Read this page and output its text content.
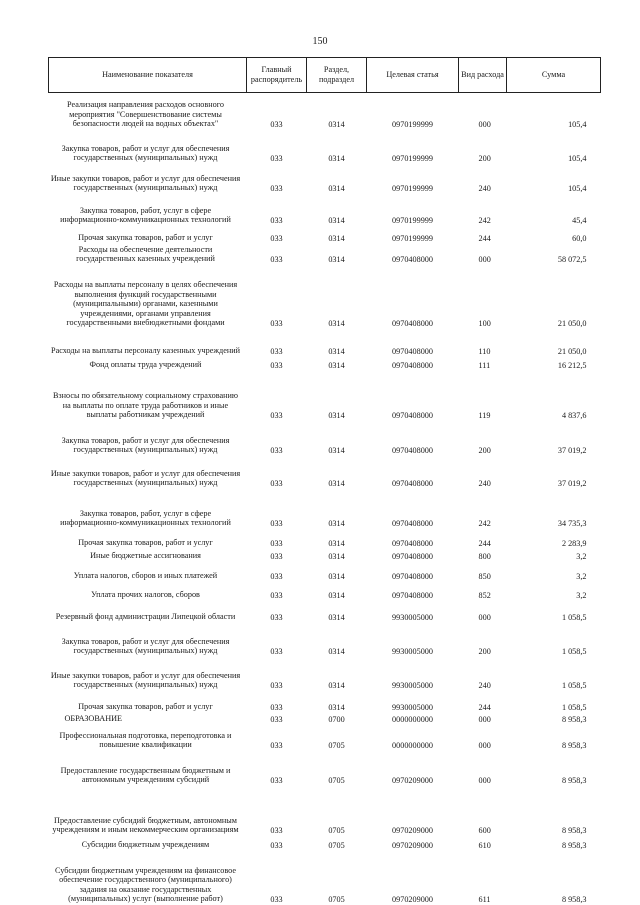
150
Наименование показателя	Главный распорядитель	Раздел, подраздел	Целевая статья	Вид расхода	Сумма

Реализация направления расходов основного мероприятия "Совершенствование системы безопасности людей на водных объектах"	033	0314	0970199999	000	105,4
Закупка товаров, работ и услуг для обеспечения государственных (муниципальных) нужд	033	0314	0970199999	200	105,4
Иные закупки товаров, работ и услуг для обеспечения государственных (муниципальных) нужд	033	0314	0970199999	240	105,4
Закупка товаров, работ, услуг в сфере информационно-коммуникационных технологий	033	0314	0970199999	242	45,4
Прочая закупка товаров, работ и услуг	033	0314	0970199999	244	60,0
Расходы на обеспечение деятельности государственных казенных учреждений	033	0314	0970408000	000	58 072,5
Расходы на выплаты персоналу в целях обеспечения выполнения функций государственными (муниципальными) органами, казенными учреждениями, органами управления государственными внебюджетными фондами	033	0314	0970408000	100	21 050,0
Расходы на выплаты персоналу казенных учреждений	033	0314	0970408000	110	21 050,0
Фонд оплаты труда учреждений	033	0314	0970408000	111	16 212,5
Взносы по обязательному социальному страхованию на выплаты по оплате труда работников и иные выплаты работникам учреждений	033	0314	0970408000	119	4 837,6
Закупка товаров, работ и услуг для обеспечения государственных (муниципальных) нужд	033	0314	0970408000	200	37 019,2
Иные закупки товаров, работ и услуг для обеспечения государственных (муниципальных) нужд	033	0314	0970408000	240	37 019,2
Закупка товаров, работ, услуг в сфере информационно-коммуникационных технологий	033	0314	0970408000	242	34 735,3
Прочая закупка товаров, работ и услуг	033	0314	0970408000	244	2 283,9
Иные бюджетные ассигнования	033	0314	0970408000	800	3,2
Уплата налогов, сборов и иных платежей	033	0314	0970408000	850	3,2
Уплата прочих налогов, сборов	033	0314	0970408000	852	3,2
Резервный фонд администрации Липецкой области	033	0314	9930005000	000	1 058,5
Закупка товаров, работ и услуг для обеспечения государственных (муниципальных) нужд	033	0314	9930005000	200	1 058,5
Иные закупки товаров, работ и услуг для обеспечения государственных (муниципальных) нужд	033	0314	9930005000	240	1 058,5
Прочая закупка товаров, работ и услуг	033	0314	9930005000	244	1 058,5
ОБРАЗОВАНИЕ	033	0700	0000000000	000	8 958,3
Профессиональная подготовка, переподготовка и повышение квалификации	033	0705	0000000000	000	8 958,3
Предоставление государственным бюджетным и автономным учреждениям субсидий	033	0705	0970209000	000	8 958,3
Предоставление субсидий бюджетным, автономным учреждениям и иным некоммерческим организациям	033	0705	0970209000	600	8 958,3
Субсидии бюджетным учреждениям	033	0705	0970209000	610	8 958,3
Субсидии бюджетным учреждениям на финансовое обеспечение государственного (муниципального) задания на оказание государственных (муниципальных) услуг (выполнение работ)	033	0705	0970209000	611	8 958,3
